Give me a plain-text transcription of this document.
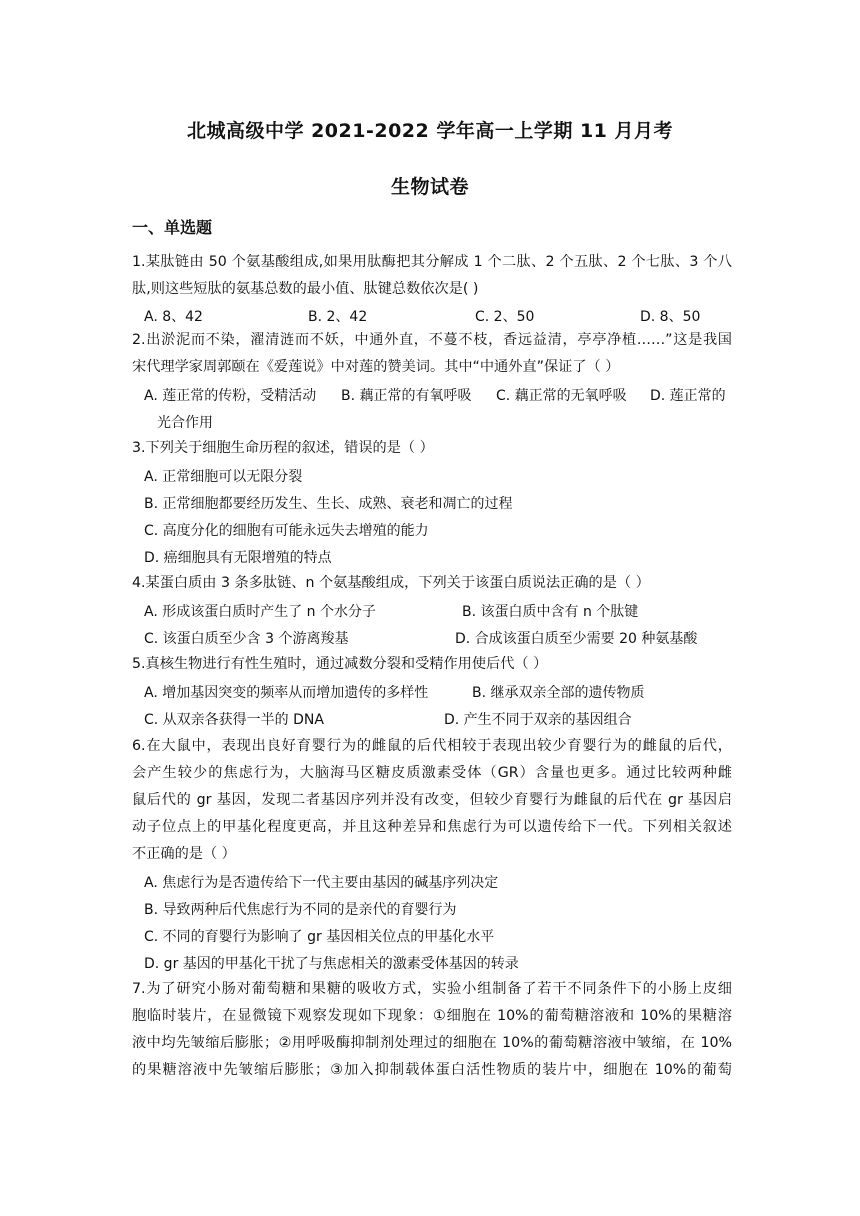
北城高级中学 2021-2022 学年高一上学期 11 月月考
生物试卷
一、单选题
1.某肽链由 50 个氨基酸组成,如果用肽酶把其分解成 1 个二肽、2 个五肽、2 个七肽、3 个八
肽,则这些短肽的氨基总数的最小值、肽键总数依次是( )
A. 8、42	B. 2、42	C. 2、50	D. 8、50
2.出淤泥而不染，濯清涟而不妖，中通外直，不蔓不枝，香远益清，亭亭净植……”这是我国
宋代理学家周郭颐在《爱莲说》中对莲的赞美词。其中“中通外直”保证了（ ）
A. 莲正常的传粉，受精活动 B. 藕正常的有氧呼吸 C. 藕正常的无氧呼吸 D. 莲正常的
光合作用
3.下列关于细胞生命历程的叙述，错误的是（ ）
A. 正常细胞可以无限分裂
B. 正常细胞都要经历发生、生长、成熟、衰老和凋亡的过程
C. 高度分化的细胞有可能永远失去增殖的能力
D. 癌细胞具有无限增殖的特点
4.某蛋白质由 3 条多肽链、n 个氨基酸组成，下列关于该蛋白质说法正确的是（ ）
A. 形成该蛋白质时产生了 n 个水分子	B. 该蛋白质中含有 n 个肽键
C. 该蛋白质至少含 3 个游离羧基	D. 合成该蛋白质至少需要 20 种氨基酸
5.真核生物进行有性生殖时，通过减数分裂和受精作用使后代（ ）
A. 增加基因突变的频率从而增加遗传的多样性	B. 继承双亲全部的遗传物质
C. 从双亲各获得一半的 DNA	D. 产生不同于双亲的基因组合
6.在大鼠中，表现出良好育婴行为的雌鼠的后代相较于表现出较少育婴行为的雌鼠的后代，
会产生较少的焦虑行为，大脑海马区糖皮质激素受体（GR）含量也更多。通过比较两种雌
鼠后代的 gr 基因，发现二者基因序列并没有改变，但较少育婴行为雌鼠的后代在 gr 基因启
动子位点上的甲基化程度更高，并且这种差异和焦虑行为可以遗传给下一代。下列相关叙述
不正确的是（ ）
A. 焦虑行为是否遗传给下一代主要由基因的碱基序列决定
B. 导致两种后代焦虑行为不同的是亲代的育婴行为
C. 不同的育婴行为影响了 gr 基因相关位点的甲基化水平
D. gr 基因的甲基化干扰了与焦虑相关的激素受体基因的转录
7.为了研究小肠对葡萄糖和果糖的吸收方式，实验小组制备了若干不同条件下的小肠上皮细
胞临时装片，在显微镜下观察发现如下现象：①细胞在 10%的葡萄糖溶液和 10%的果糖溶
液中均先皱缩后膨胀；②用呼吸酶抑制剂处理过的细胞在 10%的葡萄糖溶液中皱缩，在 10%
的果糖溶液中先皱缩后膨胀；③加入抑制载体蛋白活性物质的装片中，细胞在 10%的葡萄
